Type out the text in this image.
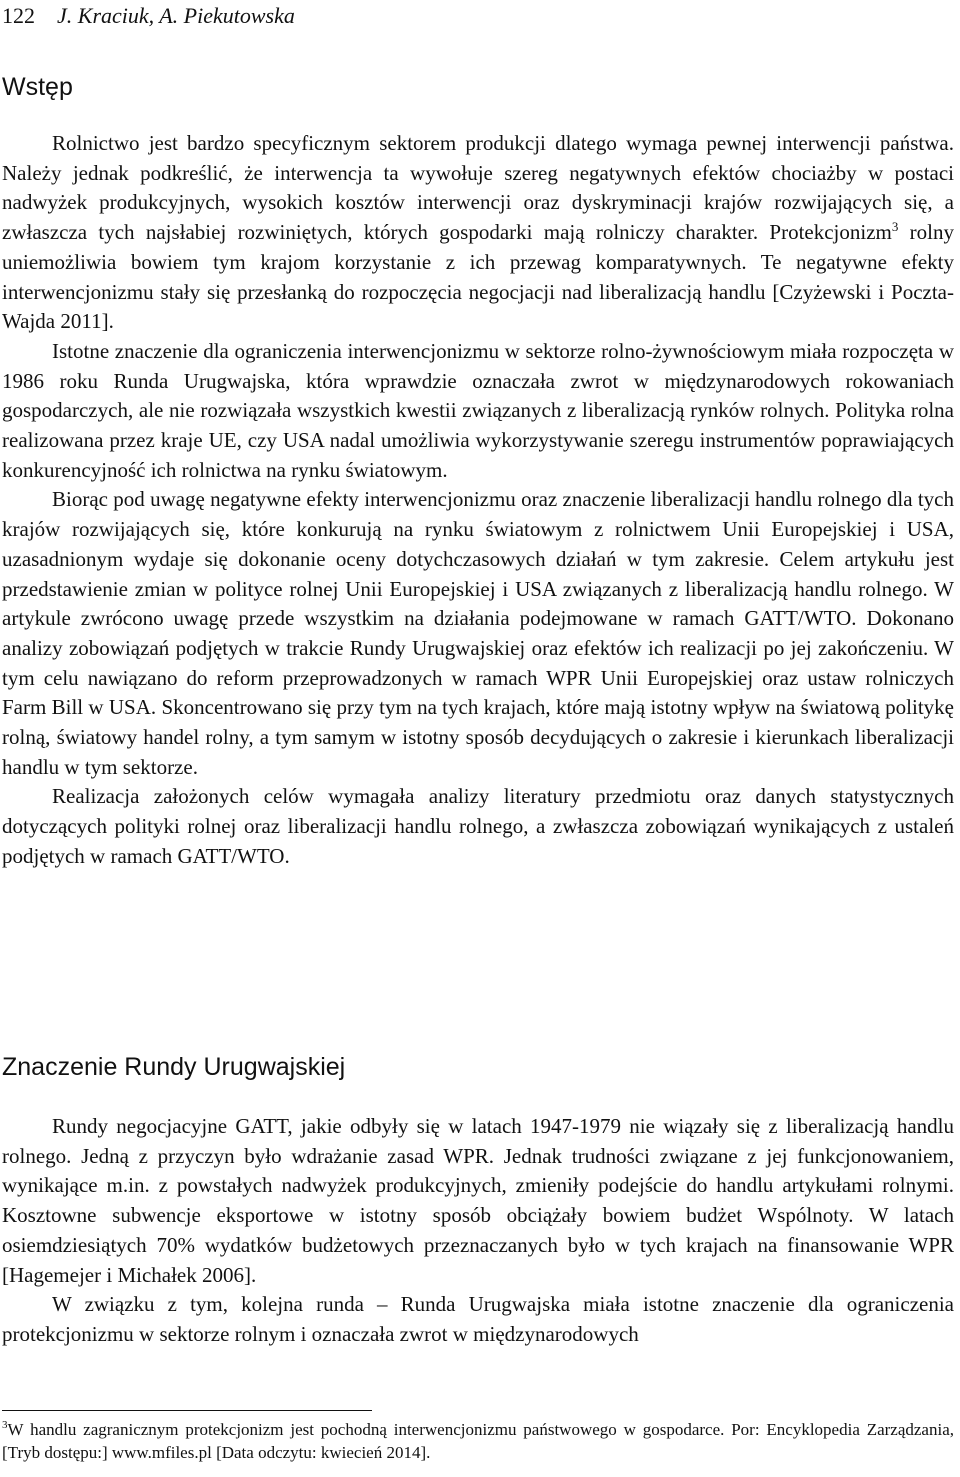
122 J. Kraciuk, A. Piekutowska
Wstęp

Rolnictwo jest bardzo specyficznym sektorem produkcji dlatego wymaga pewnej interwencji państwa. Należy jednak podkreślić, że interwencja ta wywołuje szereg negatywnych efektów chociażby w postaci nadwyżek produkcyjnych, wysokich kosztów interwencji oraz dyskryminacji krajów rozwijających się, a zwłaszcza tych najsłabiej rozwiniętych, których gospodarki mają rolniczy charakter. Protekcjonizm$^3$ rolny uniemożliwia bowiem tym krajom korzystanie z ich przewag komparatywnych. Te negatywne efekty interwencjonizmu stały się przesłanką do rozpoczęcia negocjacji nad liberalizacją handlu [Czyżewski i Poczta-Wajda 2011].

Istotne znaczenie dla ograniczenia interwencjonizmu w sektorze rolno-żywnościowym miała rozpoczęta w 1986 roku Runda Urugwajska, która wprawdzie oznaczała zwrot w międzynarodowych rokowaniach gospodarczych, ale nie rozwiązała wszystkich kwestii związanych z liberalizacją rynków rolnych. Polityka rolna realizowana przez kraje UE, czy USA nadal umożliwia wykorzystywanie szeregu instrumentów poprawiających konkurencyjność ich rolnictwa na rynku światowym.

Biorąc pod uwagę negatywne efekty interwencjonizmu oraz znaczenie liberalizacji handlu rolnego dla tych krajów rozwijających się, które konkurują na rynku światowym z rolnictwem Unii Europejskiej i USA, uzasadnionym wydaje się dokonanie oceny dotychczasowych działań w tym zakresie. Celem artykułu jest przedstawienie zmian w polityce rolnej Unii Europejskiej i USA związanych z liberalizacją handlu rolnego. W artykule zwrócono uwagę przede wszystkim na działania podejmowane w ramach GATT/WTO. Dokonano analizy zobowiązań podjętych w trakcie Rundy Urugwajskiej oraz efektów ich realizacji po jej zakończeniu. W tym celu nawiązano do reform przeprowadzonych w ramach WPR Unii Europejskiej oraz ustaw rolniczych Farm Bill w USA. Skoncentrowano się przy tym na tych krajach, które mają istotny wpływ na światową politykę rolną, światowy handel rolny, a tym samym w istotny sposób decydujących o zakresie i kierunkach liberalizacji handlu w tym sektorze.

Realizacja założonych celów wymagała analizy literatury przedmiotu oraz danych statystycznych dotyczących polityki rolnej oraz liberalizacji handlu rolnego, a zwłaszcza zobowiązań wynikających z ustaleń podjętych w ramach GATT/WTO.

Znaczenie Rundy Urugwajskiej

Rundy negocjacyjne GATT, jakie odbyły się w latach 1947-1979 nie wiązały się z liberalizacją handlu rolnego. Jedną z przyczyn było wdrażanie zasad WPR. Jednak trudności związane z jej funkcjonowaniem, wynikające m.in. z powstałych nadwyżek produkcyjnych, zmieniły podejście do handlu artykułami rolnymi. Kosztowne subwencje eksportowe w istotny sposób obciążały bowiem budżet Wspólnoty. W latach osiemdziesiątych 70% wydatków budżetowych przeznaczanych było w tych krajach na finansowanie WPR [Hagemejer i Michałek 2006].

W związku z tym, kolejna runda – Runda Urugwajska miała istotne znaczenie dla ograniczenia protekcjonizmu w sektorze rolnym i oznaczała zwrot w międzynarodowych

$^3$W handlu zagranicznym protekcjonizm jest pochodną interwencjonizmu państwowego w gospodarce. Por: Encyklopedia Zarządzania, [Tryb dostępu:] www.mfiles.pl [Data odczytu: kwiecień 2014].
